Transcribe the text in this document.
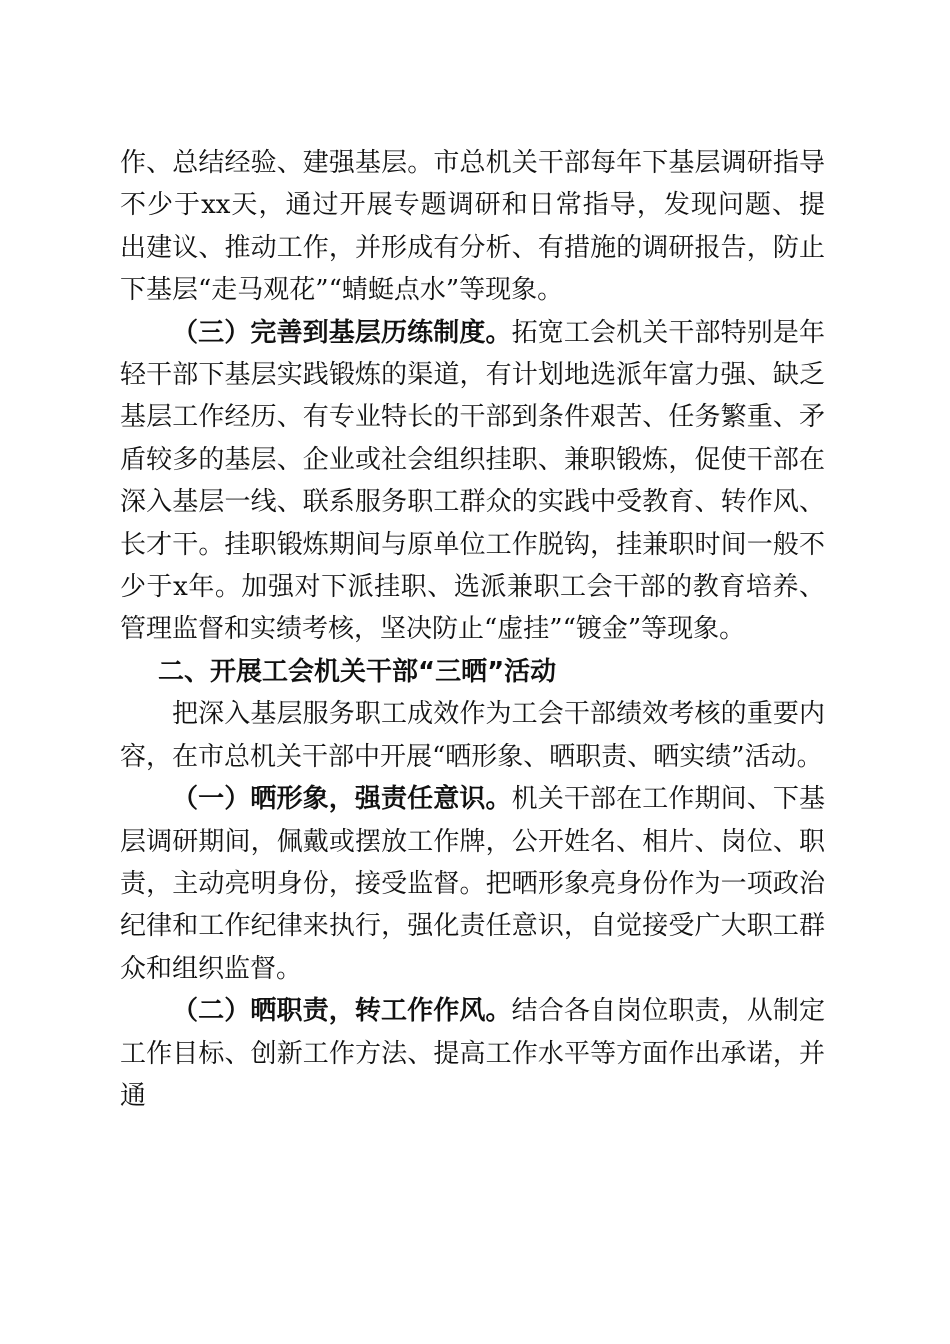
作、总结经验、建强基层。市总机关干部每年下基层调研指导不少于xx天，通过开展专题调研和日常指导，发现问题、提出建议、推动工作，并形成有分析、有措施的调研报告，防止下基层“走马观花”“蜻蜓点水”等现象。

（三）完善到基层历练制度。拓宽工会机关干部特别是年轻干部下基层实践锻炼的渠道，有计划地选派年富力强、缺乏基层工作经历、有专业特长的干部到条件艰苦、任务繁重、矛盾较多的基层、企业或社会组织挂职、兼职锻炼，促使干部在深入基层一线、联系服务职工群众的实践中受教育、转作风、长才干。挂职锻炼期间与原单位工作脱钩，挂兼职时间一般不少于x年。加强对下派挂职、选派兼职工会干部的教育培养、管理监督和实绩考核，坚决防止“虚挂”“镀金”等现象。

二、开展工会机关干部“三晒”活动

把深入基层服务职工成效作为工会干部绩效考核的重要内容，在市总机关干部中开展“晒形象、晒职责、晒实绩”活动。

（一）晒形象，强责任意识。机关干部在工作期间、下基层调研期间，佩戴或摆放工作牌，公开姓名、相片、岗位、职责，主动亮明身份，接受监督。把晒形象亮身份作为一项政治纪律和工作纪律来执行，强化责任意识，自觉接受广大职工群众和组织监督。

（二）晒职责，转工作作风。结合各自岗位职责，从制定工作目标、创新工作方法、提高工作水平等方面作出承诺，并通
